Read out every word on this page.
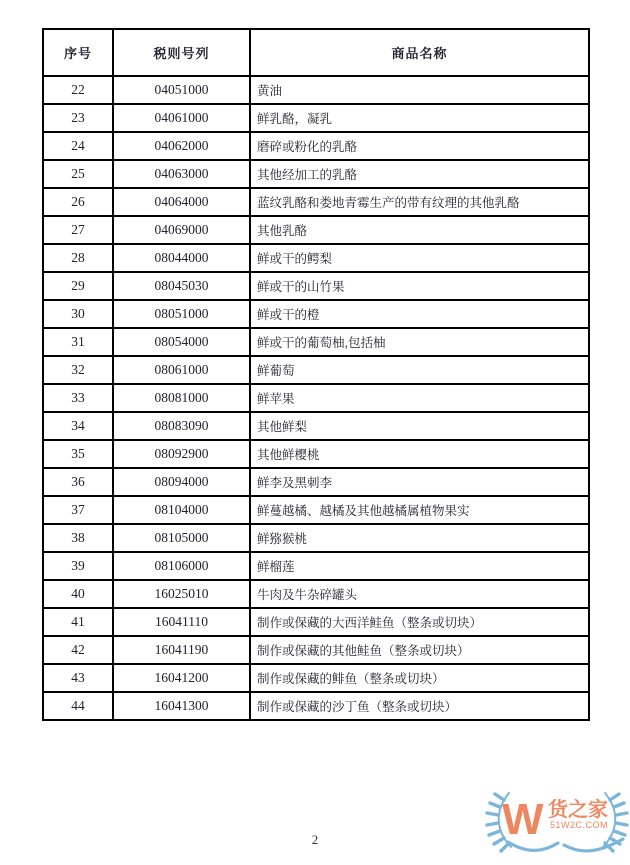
序号	税则号列	商品名称
22	04051000	黄油
23	04061000	鲜乳酪，凝乳
24	04062000	磨碎或粉化的乳酪
25	04063000	其他经加工的乳酪
26	04064000	蓝纹乳酪和娄地青霉生产的带有纹理的其他乳酪
27	04069000	其他乳酪
28	08044000	鲜或干的鳄梨
29	08045030	鲜或干的山竹果
30	08051000	鲜或干的橙
31	08054000	鲜或干的葡萄柚,包括柚
32	08061000	鲜葡萄
33	08081000	鲜苹果
34	08083090	其他鲜梨
35	08092900	其他鲜樱桃
36	08094000	鲜李及黑刺李
37	08104000	鲜蔓越橘、越橘及其他越橘属植物果实
38	08105000	鲜猕猴桃
39	08106000	鲜榴莲
40	16025010	牛肉及牛杂碎罐头
41	16041110	制作或保藏的大西洋鲑鱼（整条或切块）
42	16041190	制作或保藏的其他鲑鱼（整条或切块）
43	16041200	制作或保藏的鲱鱼（整条或切块）
44	16041300	制作或保藏的沙丁鱼（整条或切块）
2	W 货之家
51W2C.COM
